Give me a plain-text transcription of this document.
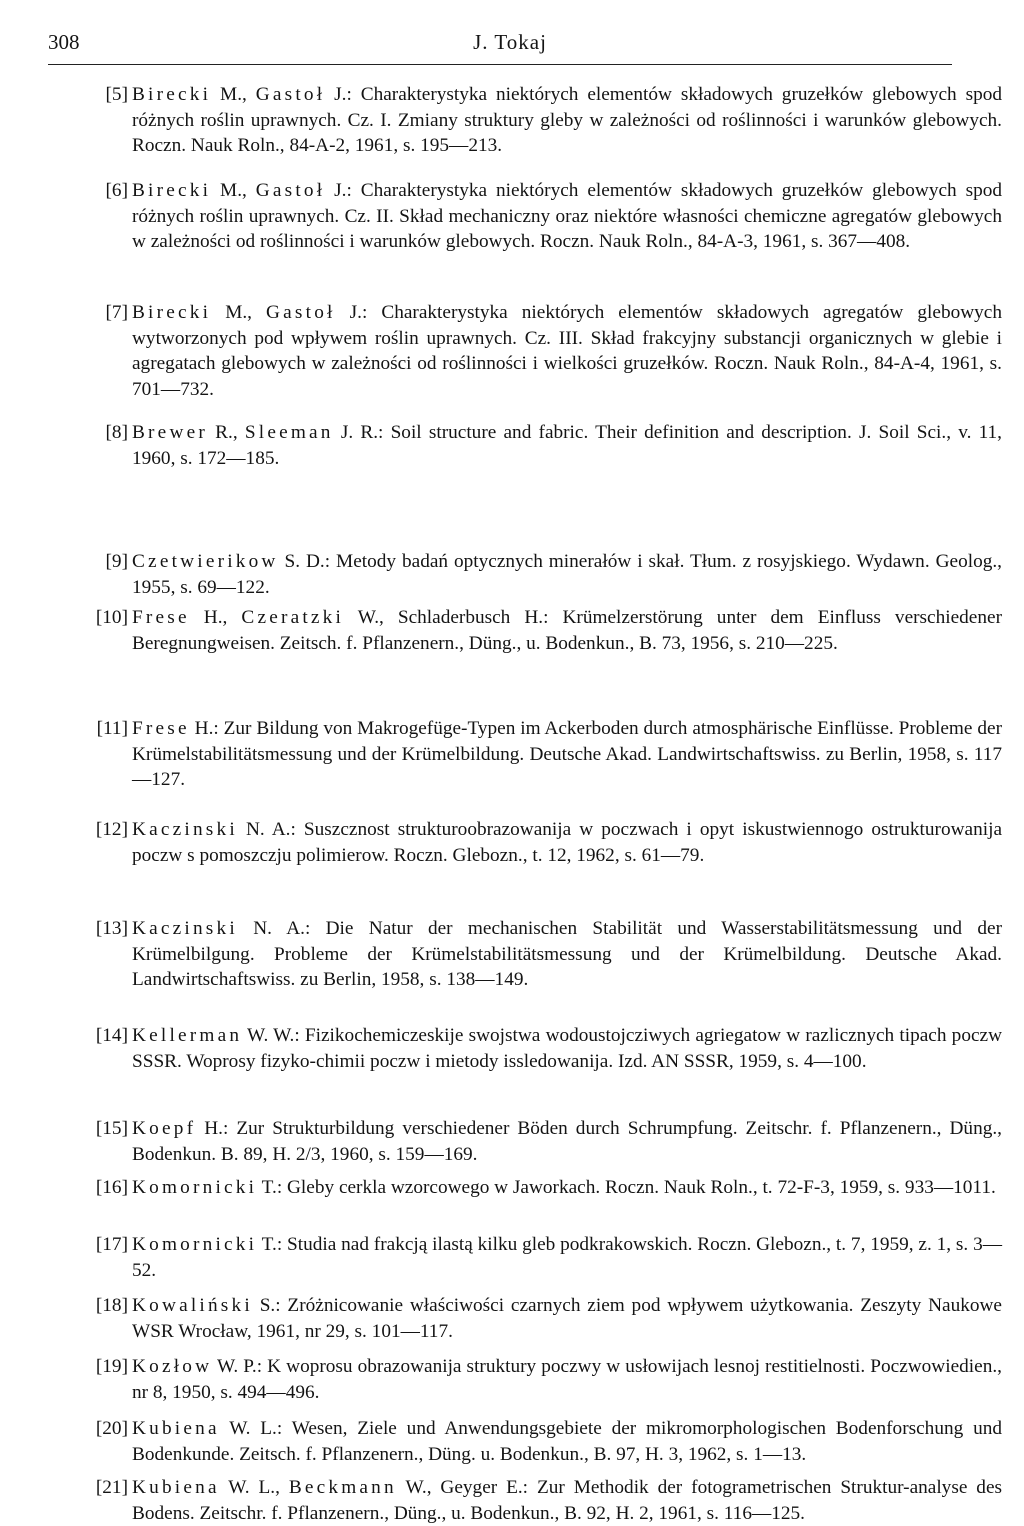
308	J. Tokaj
[5] Birecki M., Gastoł J.: Charakterystyka niektórych elementów składowych gruzełków glebowych spod różnych roślin uprawnych. Cz. I. Zmiany struktury gleby w zależności od roślinności i warunków glebowych. Roczn. Nauk Roln., 84-A-2, 1961, s. 195—213.
[6] Birecki M., Gastoł J.: Charakterystyka niektórych elementów składowych gruzełków glebowych spod różnych roślin uprawnych. Cz. II. Skład mechaniczny oraz niektóre własności chemiczne agregatów glebowych w zależności od roślinności i warunków glebowych. Roczn. Nauk Roln., 84-A-3, 1961, s. 367—408.
[7] Birecki M., Gastoł J.: Charakterystyka niektórych elementów składowych agregatów glebowych wytworzonych pod wpływem roślin uprawnych. Cz. III. Skład frakcyjny substancji organicznych w glebie i agregatach glebowych w zależności od roślinności i wielkości gruzełków. Roczn. Nauk Roln., 84-A-4, 1961, s. 701—732.
[8] Brewer R., Sleeman J. R.: Soil structure and fabric. Their definition and description. J. Soil Sci., v. 11, 1960, s. 172—185.
[9] Czetwierikow S. D.: Metody badań optycznych minerałów i skał. Tłum. z rosyjskiego. Wydawn. Geolog., 1955, s. 69—122.
[10] Frese H., Czeratzki W., Schladerbusch H.: Krümelzerstörung unter dem Einfluss verschiedener Beregnungweisen. Zeitsch. f. Pflanzenern., Düng., u. Bodenkun., B. 73, 1956, s. 210—225.
[11] Frese H.: Zur Bildung von Makrogefüge-Typen im Ackerboden durch atmosphärische Einflüsse. Probleme der Krümelstabilitätsmessung und der Krümelbildung. Deutsche Akad. Landwirtschaftswiss. zu Berlin, 1958, s. 117—127.
[12] Kaczinski N. A.: Suszcznost strukturoobrazowanija w poczwach i opyt iskustwiennogo ostrukturowanija poczw s pomoszczju polimierow. Roczn. Glebozn., t. 12, 1962, s. 61—79.
[13] Kaczinski N. A.: Die Natur der mechanischen Stabilität und Wasserstabilitätsmessung und der Krümelbilgung. Probleme der Krümelstabilitätsmessung und der Krümelbildung. Deutsche Akad. Landwirtschaftswiss. zu Berlin, 1958, s. 138—149.
[14] Kellerman W. W.: Fizikochemiczeskije swojstwa wodoustojcziwych agriegatow w razlicznych tipach poczw SSSR. Woprosy fizyko-chimii poczw i mietody issledowanija. Izd. AN SSSR, 1959, s. 4—100.
[15] Koepf H.: Zur Strukturbildung verschiedener Böden durch Schrumpfung. Zeitschr. f. Pflanzenern., Düng., Bodenkun. B. 89, H. 2/3, 1960, s. 159—169.
[16] Komornicki T.: Gleby cerkla wzorcowego w Jaworkach. Roczn. Nauk Roln., t. 72-F-3, 1959, s. 933—1011.
[17] Komornicki T.: Studia nad frakcją ilastą kilku gleb podkrakowskich. Roczn. Glebozn., t. 7, 1959, z. 1, s. 3—52.
[18] Kowaliński S.: Zróżnicowanie właściwości czarnych ziem pod wpływem użytkowania. Zeszyty Naukowe WSR Wrocław, 1961, nr 29, s. 101—117.
[19] Kozłow W. P.: K woprosu obrazowanija struktury poczwy w usłowijach lesnoj restitielnosti. Poczwowiedien., nr 8, 1950, s. 494—496.
[20] Kubiena W. L.: Wesen, Ziele und Anwendungsgebiete der mikromorphologischen Bodenforschung und Bodenkunde. Zeitsch. f. Pflanzenern., Düng. u. Bodenkun., B. 97, H. 3, 1962, s. 1—13.
[21] Kubiena W. L., Beckmann W., Geyger E.: Zur Methodik der fotogrametrischen Struktur-analyse des Bodens. Zeitschr. f. Pflanzenern., Düng., u. Bodenkun., B. 92, H. 2, 1961, s. 116—125.
